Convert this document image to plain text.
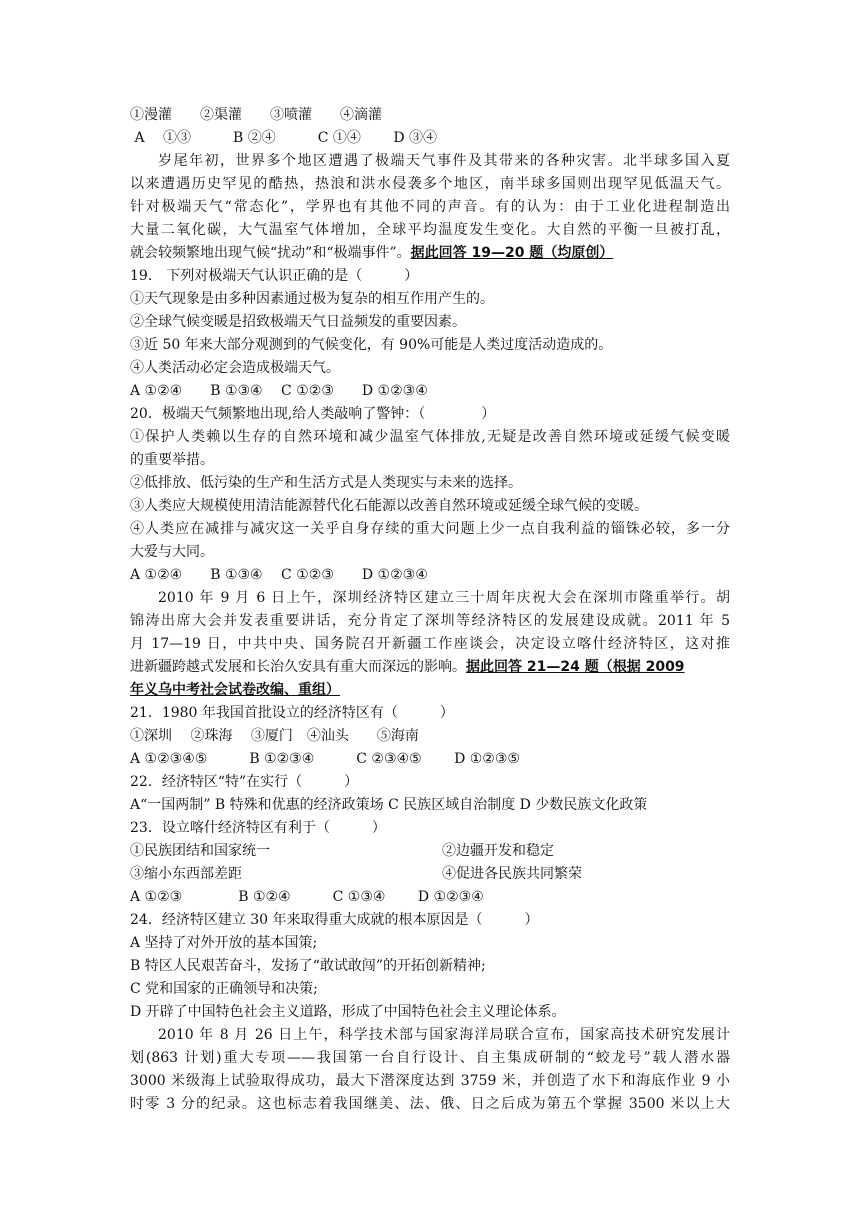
①漫灌　　②渠灌　　③喷灌　　④滴灌
A 　①③　　　B ②④　　　C ①④　　 D ③④
岁尾年初，世界多个地区遭遇了极端天气事件及其带来的各种灾害。北半球多国入夏
以来遭遇历史罕见的酷热，热浪和洪水侵袭多个地区，南半球多国则出现罕见低温天气。
针对极端天气“常态化”，学界也有其他不同的声音。有的认为：由于工业化进程制造出
大量二氧化碳，大气温室气体增加，全球平均温度发生变化。大自然的平衡一旦被打乱，
就会较频繁地出现气候“扰动”和“极端事件”。据此回答 19—20 题（均原创）
19.　下列对极端天气认识正确的是（　　　）
①天气现象是由多种因素通过极为复杂的相互作用产生的。
②全球气候变暖是招致极端天气日益频发的重要因素。
③近 50 年来大部分观测到的气候变化，有 90%可能是人类过度活动造成的。
④人类活动必定会造成极端天气。
A ①②④　　B ①③④　 C ①②③　　D ①②③④
20．极端天气频繁地出现,给人类敲响了警钟：（　　　　）
①保护人类赖以生存的自然环境和减少温室气体排放,无疑是改善自然环境或延缓气候变暖
的重要举措。
②低排放、低污染的生产和生活方式是人类现实与未来的选择。
③人类应大规模使用清洁能源替代化石能源以改善自然环境或延缓全球气候的变暖。
④人类应在减排与减灾这一关乎自身存续的重大问题上少一点自我利益的锱铢必较，多一分
大爱与大同。
A ①②④　　B ①③④　 C ①②③　　D ①②③④
2010 年 9 月 6 日上午，深圳经济特区建立三十周年庆祝大会在深圳市隆重举行。胡
锦涛出席大会并发表重要讲话，充分肯定了深圳等经济特区的发展建设成就。2011 年 5
月 17—19 日，中共中央、国务院召开新疆工作座谈会，决定设立喀什经济特区，这对推
进新疆跨越式发展和长治久安具有重大而深远的影响。据此回答 21—24 题（根据 2009
年义乌中考社会试卷改编、重组）
21．1980 年我国首批设立的经济特区有（　　　）
①深圳　 ②珠海　 ③厦门　④汕头　　⑤海南
A ①②③④⑤　　　B ①②③④　　　C ②③④⑤　　 D ①②③⑤
22．经济特区“特”在实行（　　　）
A“一国两制” B 特殊和优惠的经济政策场 C 民族区域自治制度 D 少数民族文化政策
23．设立喀什经济特区有利于（　　　）
①民族团结和国家统一	②边疆开发和稳定
③缩小东西部差距	④促进各民族共同繁荣
A ①②③　　　　B ①②④　　　C ①③④　　 D ①②③④
24．经济特区建立 30 年来取得重大成就的根本原因是（　　　）
A 坚持了对外开放的基本国策;
B 特区人民艰苦奋斗，发扬了“敢试敢闯”的开拓创新精神;
C 党和国家的正确领导和决策;
D 开辟了中国特色社会主义道路，形成了中国特色社会主义理论体系。
2010 年 8 月 26 日上午，科学技术部与国家海洋局联合宣布，国家高技术研究发展计
划(863 计划)重大专项——我国第一台自行设计、自主集成研制的“蛟龙号”载人潜水器
3000 米级海上试验取得成功，最大下潜深度达到 3759 米，并创造了水下和海底作业 9 小
时零 3 分的纪录。这也标志着我国继美、法、俄、日之后成为第五个掌握 3500 米以上大
